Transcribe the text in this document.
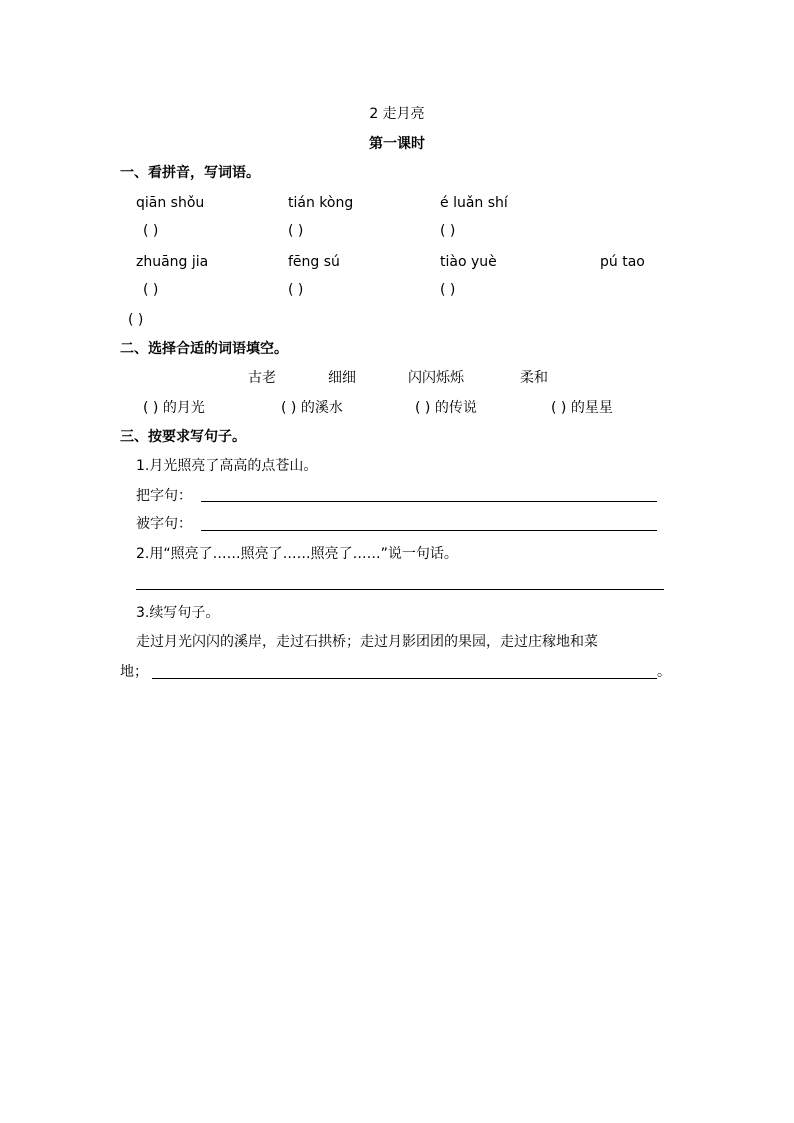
2 走月亮
第一课时
一、看拼音，写词语。
qiān shǒu	tián kòng	é luǎn shí
( )	( )	( )
zhuāng jia	fēng sú	tiào yuè	pú tao
( )	( )	( )
( )
二、选择合适的词语填空。
古老	细细	闪闪烁烁	柔和
( ) 的月光	( ) 的溪水	( ) 的传说	( ) 的星星
三、按要求写句子。
1.月光照亮了高高的点苍山。
把字句：
被字句：
2.用“照亮了……照亮了……照亮了……”说一句话。
3.续写句子。
走过月光闪闪的溪岸，走过石拱桥；走过月影团团的果园，走过庄稼地和菜
地；	。
